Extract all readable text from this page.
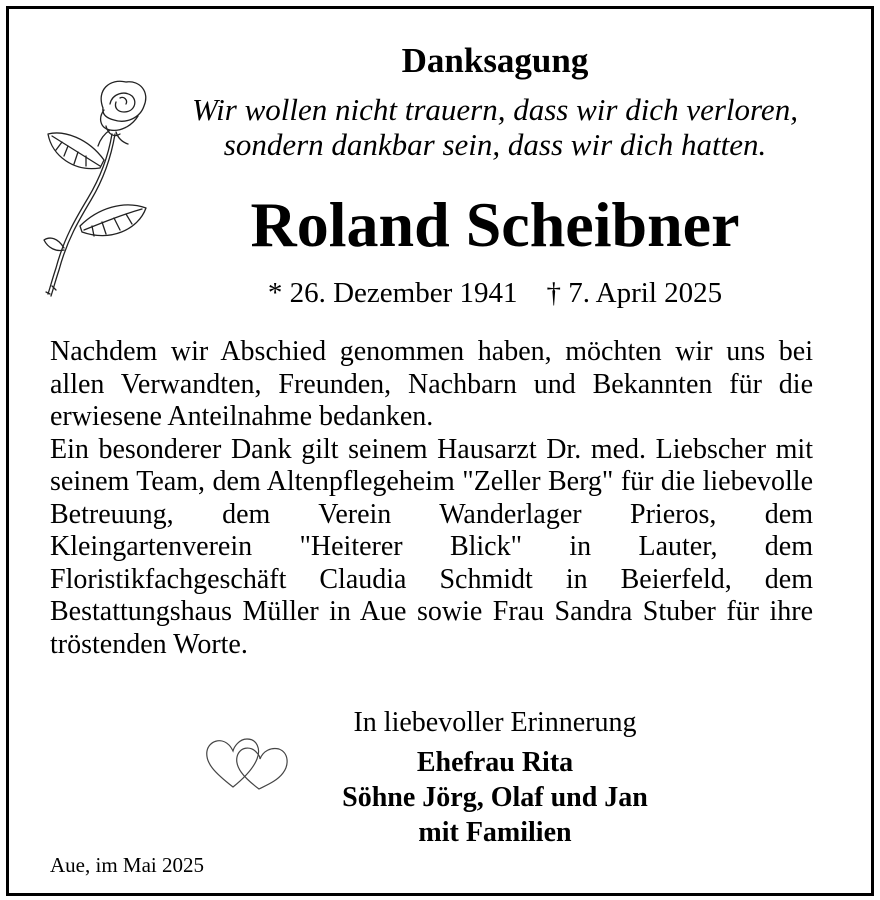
Danksagung
Wir wollen nicht trauern, dass wir dich verloren,
sondern dankbar sein, dass wir dich hatten.
Roland Scheibner
* 26. Dezember 1941 † 7. April 2025

Nachdem wir Abschied genommen haben, möchten wir uns bei allen Verwandten, Freunden, Nachbarn und Bekannten für die erwiesene Anteilnahme bedanken.

Ein besonderer Dank gilt seinem Hausarzt Dr. med. Liebscher mit seinem Team, dem Altenpflegeheim "Zeller Berg" für die liebevolle Betreuung, dem Verein Wanderlager Prieros, dem Kleingartenverein "Heiterer Blick" in Lauter, dem Floristikfachgeschäft Claudia Schmidt in Beierfeld, dem Bestattungshaus Müller in Aue sowie Frau Sandra Stuber für ihre tröstenden Worte.

In liebevoller Erinnerung
Ehefrau Rita
Söhne Jörg, Olaf und Jan
mit Familien
Aue, im Mai 2025
